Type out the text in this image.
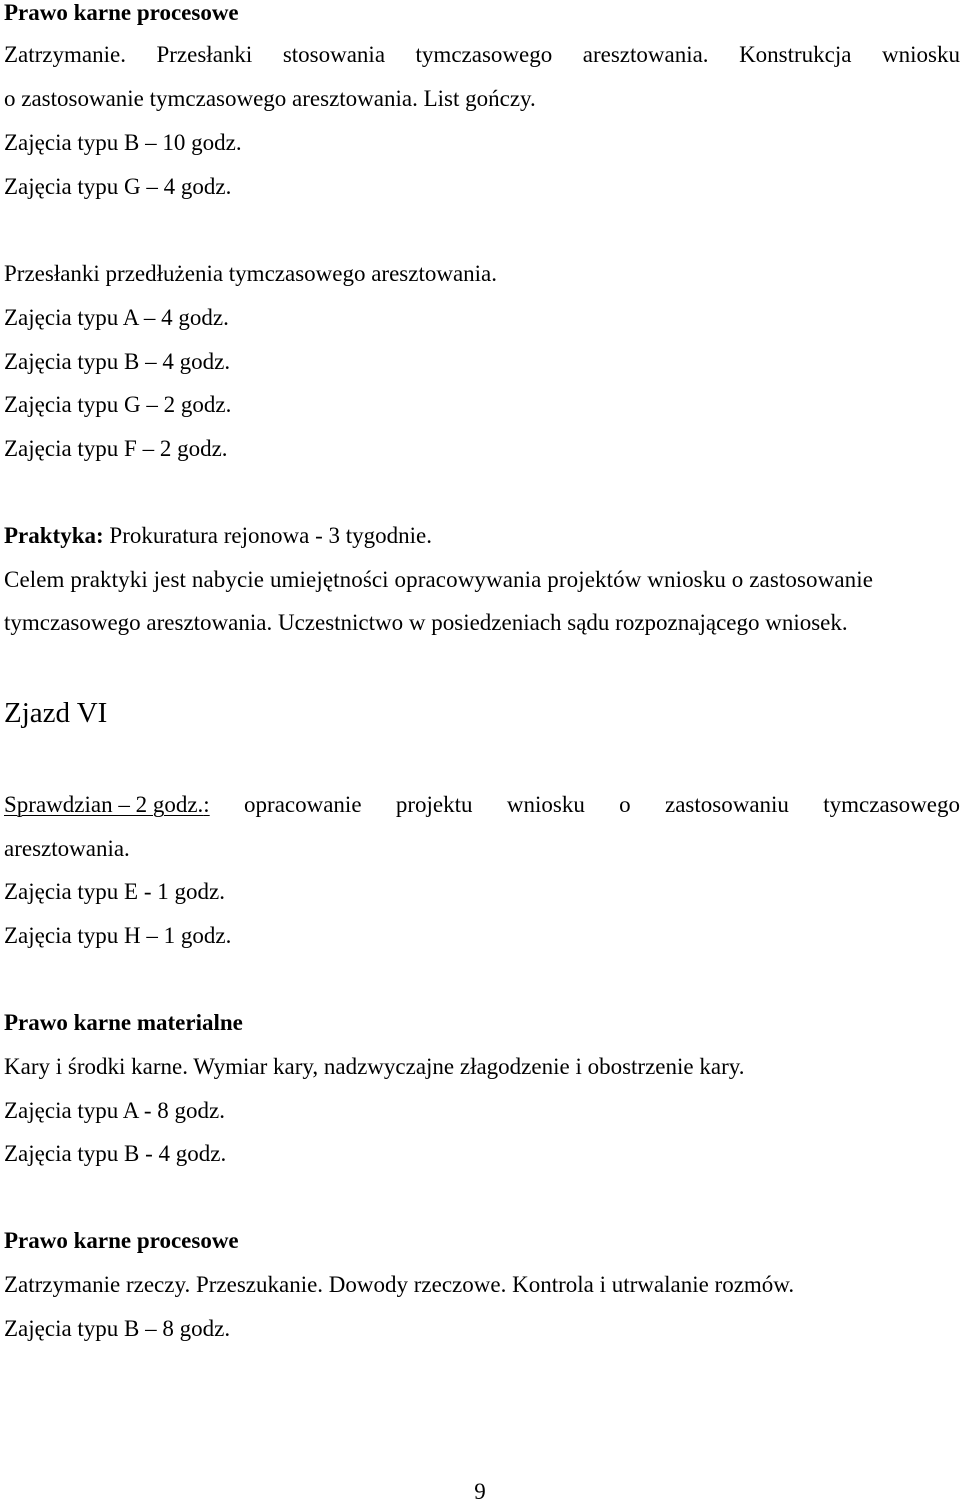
Prawo karne procesowe
Zatrzymanie. Przesłanki stosowania tymczasowego aresztowania. Konstrukcja wniosku
o zastosowanie tymczasowego aresztowania. List gończy.
Zajęcia typu B – 10 godz.
Zajęcia typu G – 4 godz.
Przesłanki przedłużenia tymczasowego aresztowania.
Zajęcia typu A – 4 godz.
Zajęcia typu B – 4 godz.
Zajęcia typu G – 2 godz.
Zajęcia typu F – 2 godz.
Praktyka: Prokuratura rejonowa - 3 tygodnie.
Celem praktyki jest nabycie umiejętności opracowywania projektów wniosku o zastosowanie
tymczasowego aresztowania. Uczestnictwo w posiedzeniach sądu rozpoznającego wniosek.
Zjazd VI
Sprawdzian – 2 godz.: opracowanie projektu wniosku o zastosowaniu tymczasowego
aresztowania.
Zajęcia typu E - 1 godz.
Zajęcia typu H – 1 godz.
Prawo karne materialne
Kary i środki karne. Wymiar kary, nadzwyczajne złagodzenie i obostrzenie kary.
Zajęcia typu A - 8 godz.
Zajęcia typu B - 4 godz.
Prawo karne procesowe
Zatrzymanie rzeczy. Przeszukanie. Dowody rzeczowe. Kontrola i utrwalanie rozmów.
Zajęcia typu B – 8 godz.
9
